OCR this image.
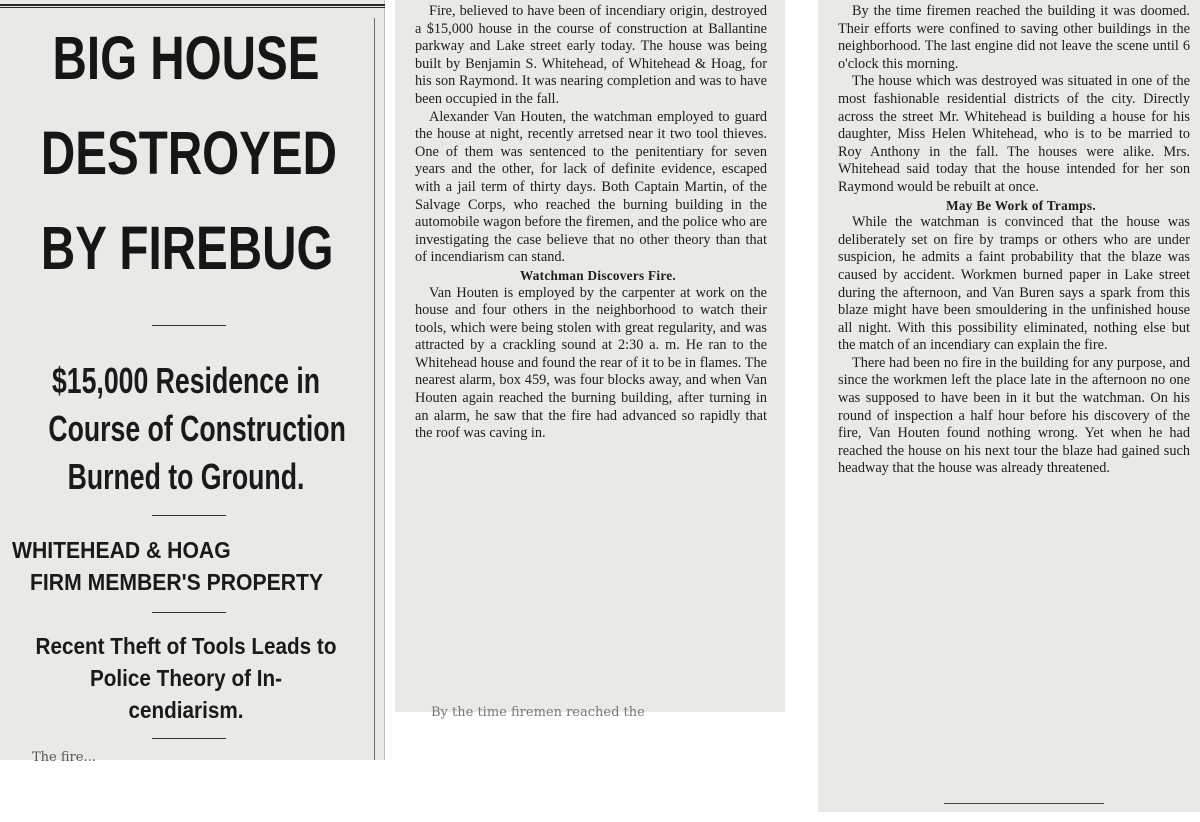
BIG HOUSE
DESTROYED
BY FIREBUG
$15,000 Residence in
Course of Construction
Burned to Ground.
WHITEHEAD & HOAG
FIRM MEMBER'S PROPERTY
Recent Theft of Tools Leads to
Police Theory of In-
cendiarism.
The fire...

Fire, believed to have been of incendiary origin, destroyed a $15,000 house in the course of construction at Ballantine parkway and Lake street early today. The house was being built by Benjamin S. Whitehead, of Whitehead & Hoag, for his son Raymond. It was nearing completion and was to have been occupied in the fall.

Alexander Van Houten, the watchman employed to guard the house at night, recently arretsed near it two tool thieves. One of them was sentenced to the penitentiary for seven years and the other, for lack of definite evidence, escaped with a jail term of thirty days. Both Captain Martin, of the Salvage Corps, who reached the burning building in the automobile wagon before the firemen, and the police who are investigating the case believe that no other theory than that of incendiarism can stand.

Watchman Discovers Fire.

Van Houten is employed by the carpenter at work on the house and four others in the neighborhood to watch their tools, which were being stolen with great regularity, and was attracted by a crackling sound at 2:30 a. m. He ran to the Whitehead house and found the rear of it to be in flames. The nearest alarm, box 459, was four blocks away, and when Van Houten again reached the burning building, after turning in an alarm, he saw that the fire had advanced so rapidly that the roof was caving in.

By the time firemen reached the

By the time firemen reached the building it was doomed. Their efforts were confined to saving other buildings in the neighborhood. The last engine did not leave the scene until 6 o'clock this morning.

The house which was destroyed was situated in one of the most fashionable residential districts of the city. Directly across the street Mr. Whitehead is building a house for his daughter, Miss Helen Whitehead, who is to be married to Roy Anthony in the fall. The houses were alike. Mrs. Whitehead said today that the house intended for her son Raymond would be rebuilt at once.

May Be Work of Tramps.

While the watchman is convinced that the house was deliberately set on fire by tramps or others who are under suspicion, he admits a faint probability that the blaze was caused by accident. Workmen burned paper in Lake street during the afternoon, and Van Buren says a spark from this blaze might have been smouldering in the unfinished house all night. With this possibility eliminated, nothing else but the match of an incendiary can explain the fire.

There had been no fire in the building for any purpose, and since the workmen left the place late in the afternoon no one was supposed to have been in it but the watchman. On his round of inspection a half hour before his discovery of the fire, Van Houten found nothing wrong. Yet when he had reached the house on his next tour the blaze had gained such headway that the house was already threatened.
